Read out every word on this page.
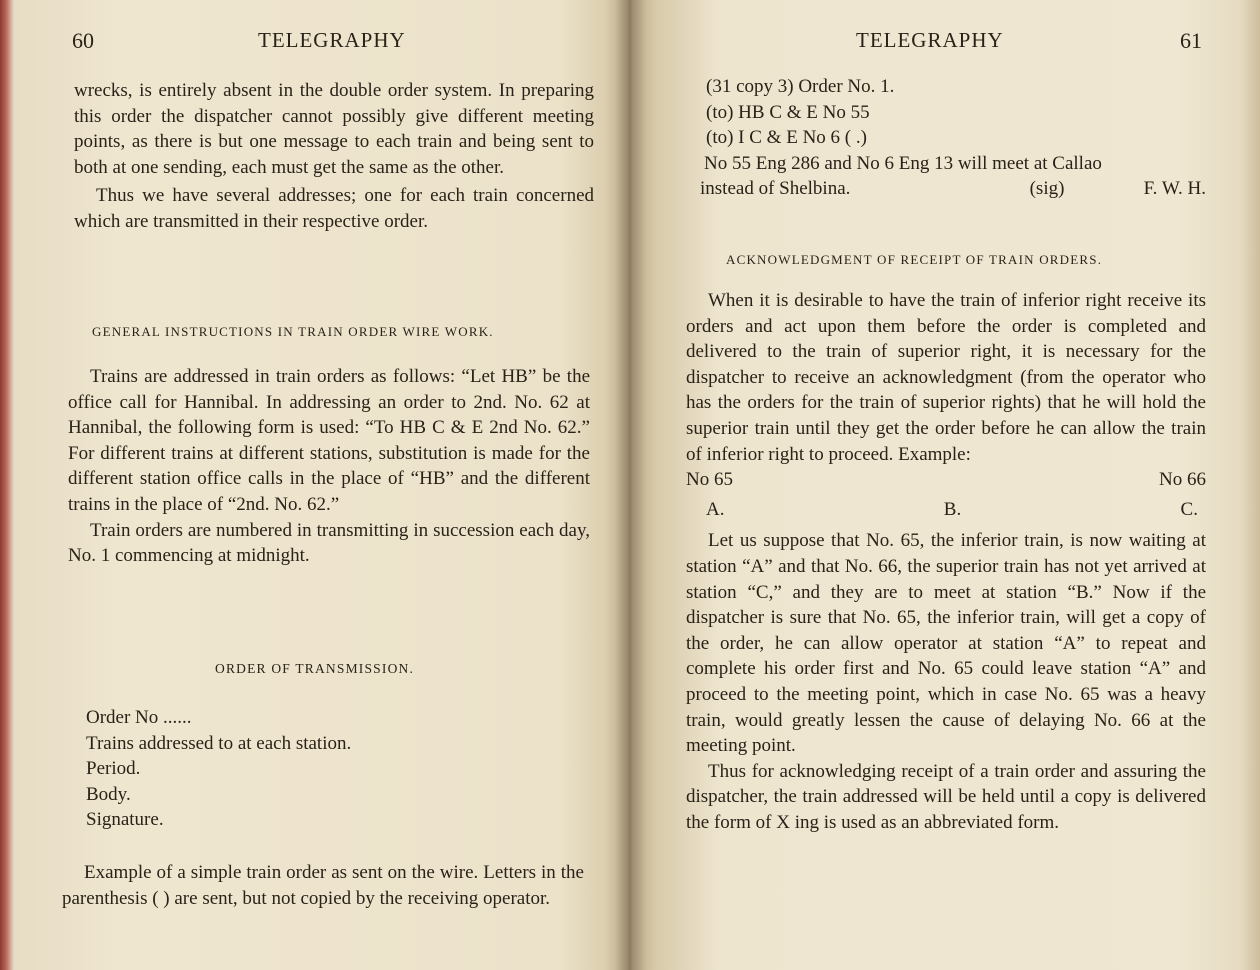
60	TELEGRAPHY

wrecks, is entirely absent in the double order system. In preparing this order the dispatcher cannot possibly give different meeting points, as there is but one message to each train and being sent to both at one sending, each must get the same as the other.

Thus we have several addresses; one for each train concerned which are transmitted in their respective order.

GENERAL INSTRUCTIONS IN TRAIN ORDER WIRE WORK.

Trains are addressed in train orders as follows: “Let HB” be the office call for Hannibal. In addressing an order to 2nd. No. 62 at Hannibal, the following form is used: “To HB C & E 2nd No. 62.” For different trains at different stations, substitution is made for the different station office calls in the place of “HB” and the different trains in the place of “2nd. No. 62.”

Train orders are numbered in transmitting in succession each day, No. 1 commencing at midnight.

ORDER OF TRANSMISSION.
Order No ......
Trains addressed to at each station.
Period.
Body.
Signature.

Example of a simple train order as sent on the wire. Letters in the parenthesis ( ) are sent, but not copied by the receiving operator.

TELEGRAPHY	61
(31 copy 3) Order No. 1.
(to) HB C & E No 55
(to) I C & E No 6 ( .)
No 55 Eng 286 and No 6 Eng 13 will meet at Callao
instead of Shelbina.	(sig)	F. W. H.
ACKNOWLEDGMENT OF RECEIPT OF TRAIN ORDERS.

When it is desirable to have the train of inferior right receive its orders and act upon them before the order is completed and delivered to the train of superior right, it is necessary for the dispatcher to receive an acknowledgment (from the operator who has the orders for the train of superior rights) that he will hold the superior train until they get the order before he can allow the train of inferior right to proceed. Example:

No 65	No 66
A.	B.	C.

Let us suppose that No. 65, the inferior train, is now waiting at station “A” and that No. 66, the superior train has not yet arrived at station “C,” and they are to meet at station “B.” Now if the dispatcher is sure that No. 65, the inferior train, will get a copy of the order, he can allow operator at station “A” to repeat and complete his order first and No. 65 could leave station “A” and proceed to the meeting point, which in case No. 65 was a heavy train, would greatly lessen the cause of delaying No. 66 at the meeting point.

Thus for acknowledging receipt of a train order and assuring the dispatcher, the train addressed will be held until a copy is delivered the form of X ing is used as an abbreviated form.
